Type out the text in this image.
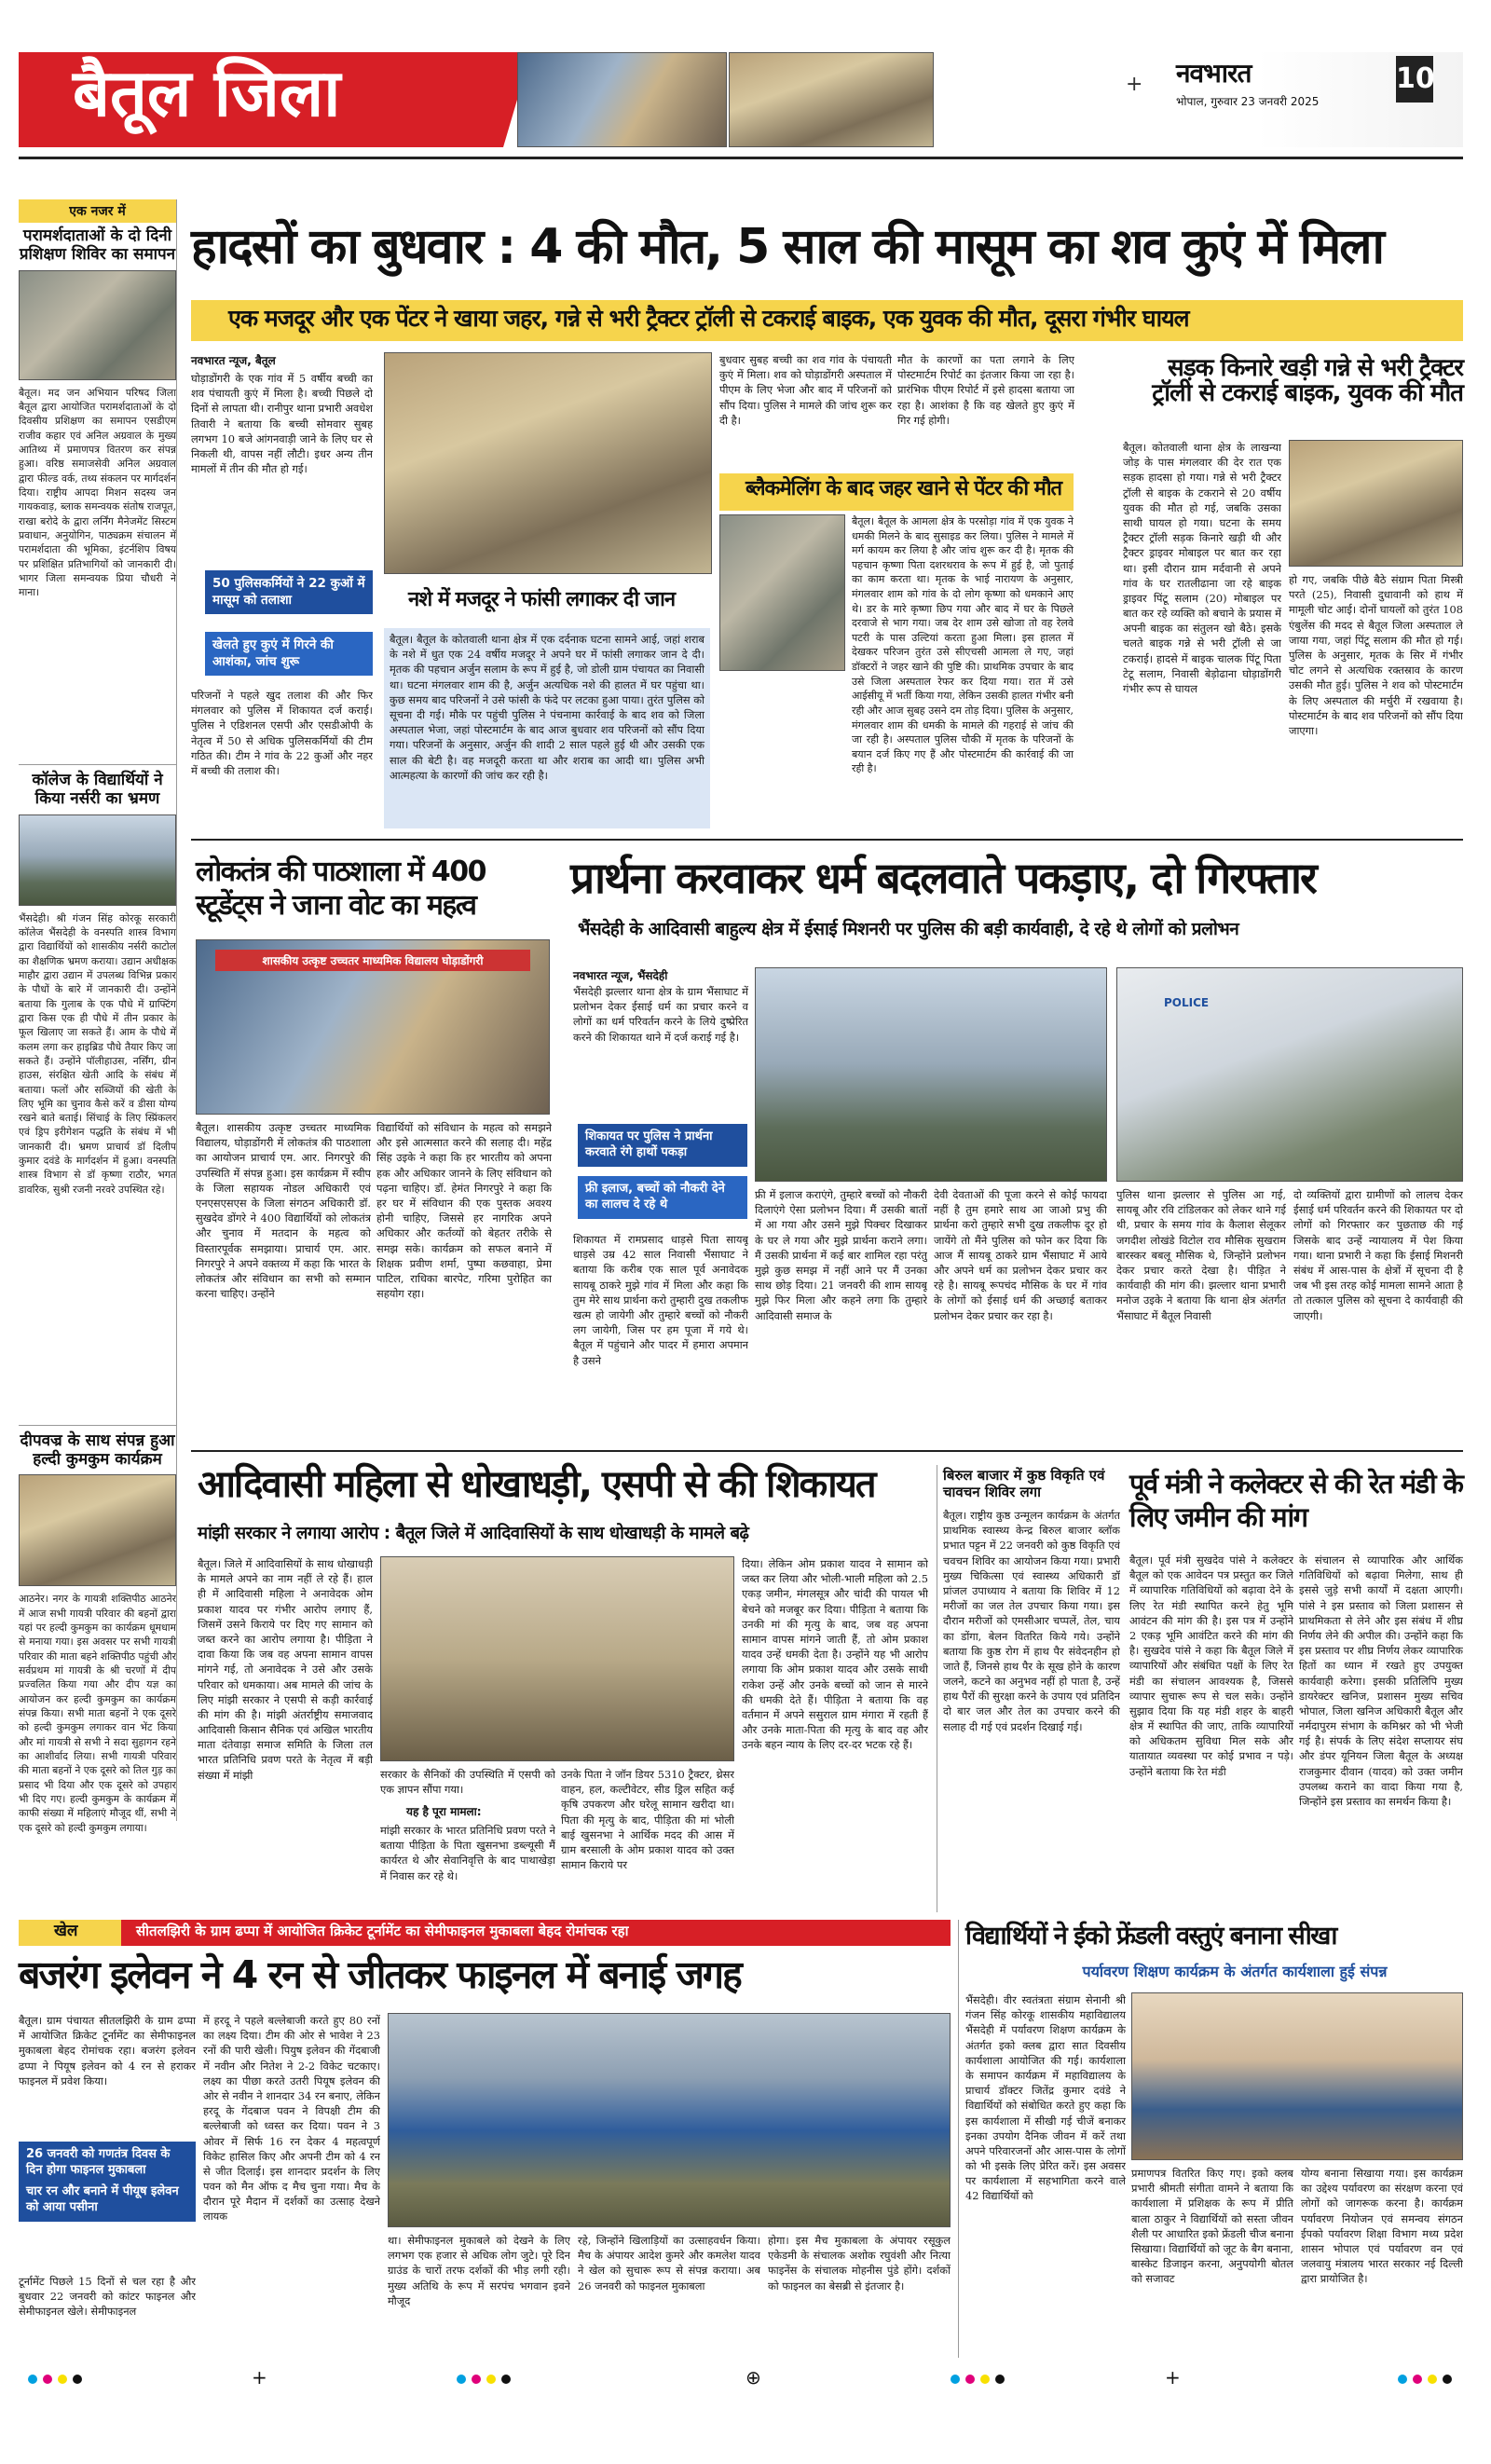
बैतूल जिला	नवभारत
भोपाल, गुरुवार 23 जनवरी 2025
10
+
एक नजर में
परामर्शदाताओं के दो दिनी प्रशिक्षण शिविर का समापन
बैतूल। मद जन अभियान परिषद जिला बैतूल द्वारा आयोजित परामर्शदाताओं के दो दिवसीय प्रशिक्षण का समापन एसडीएम राजीव कहार एवं अनिल अग्रवाल के मुख्य आतिथ्य में प्रमाणपत्र वितरण कर संपन्न हुआ। वरिष्ठ समाजसेवी अनिल अग्रवाल द्वारा फील्ड वर्क, तथ्य संकलन पर मार्गदर्शन दिया। राष्ट्रीय आपदा मिशन सदस्य जन गायकवाड़, ब्लाक समन्वयक संतोष राजपूत, राखा बरोदे के द्वारा लर्निंग मैनेजमेंट सिस्टम प्रवाधान, अनुयोगिन, पाठ्यक्रम संचालन में परामर्शदाता की भूमिका, इंटर्नशिप विषय पर प्रशिक्षित प्रतिभागियों को जानकारी दी। भागर जिला समन्वयक प्रिया चौधरी ने माना।
कॉलेज के विद्यार्थियों ने किया नर्सरी का भ्रमण
भैंसदेही। श्री गंजन सिंह कोरकू सरकारी कॉलेज भैंसदेही के वनस्पति शास्त्र विभाग द्वारा विद्यार्थियों को शासकीय नर्सरी काटोल का शैक्षणिक भ्रमण कराया। उद्यान अधीक्षक माहौर द्वारा उद्यान में उपलब्ध विभिन्न प्रकार के पौधों के बारे में जानकारी दी। उन्होंने बताया कि गुलाब के एक पौधे में ग्राफ्टिंग द्वारा किस एक ही पौधे में तीन प्रकार के फूल खिलाए जा सकते हैं। आम के पौधे में कलम लगा कर हाइब्रिड पौधे तैयार किए जा सकते हैं। उन्होंने पॉलीहाउस, नर्सिंग, ग्रीन हाउस, संरक्षित खेती आदि के संबंध में बताया। फलों और सब्जियों की खेती के लिए भूमि का चुनाव कैसे करें व डीसा योग्य रखने बाते बताई। सिंचाई के लिए स्प्रिंकलर एवं ड्रिप इरीगेशन पद्धति के संबंध में भी जानकारी दी। भ्रमण प्राचार्य डॉ दिलीप कुमार दवंडे के मार्गदर्शन में हुआ। वनस्पति शास्त्र विभाग से डॉ कृष्णा राठौर, भगत डावरिक, सुश्री रजनी नरवरे उपस्थित रहे।
दीपवज्र के साथ संपन्न हुआ हल्दी कुमकुम कार्यक्रम
आठनेर। नगर के गायत्री शक्तिपीठ आठनेर में आज सभी गायत्री परिवार की बहनों द्वारा यहां पर हल्दी कुमकुम का कार्यक्रम धूमधाम से मनाया गया। इस अवसर पर सभी गायत्री परिवार की माता बहने शक्तिपीठ पहुंची और सर्वप्रथम मां गायत्री के श्री चरणों में दीप प्रज्वलित किया गया और दीप यज्ञ का आयोजन कर हल्दी कुमकुम का कार्यक्रम संपन्न किया। सभी माता बहनों ने एक दूसरे को हल्दी कुमकुम लगाकर वान भेंट किया और मां गायत्री से सभी ने सदा सुहागन रहने का आशीर्वाद लिया। सभी गायत्री परिवार की माता बहनों ने एक दूसरे को तिल गुड़ का प्रसाद भी दिया और एक दूसरे को उपहार भी दिए गए। हल्दी कुमकुम के कार्यक्रम में काफी संख्या में महिलाएं मौजूद थीं, सभी ने एक दूसरे को हल्दी कुमकुम लगाया।
हादसों का बुधवार : 4 की मौत, 5 साल की मासूम का शव कुएं में मिला
एक मजदूर और एक पेंटर ने खाया जहर, गन्ने से भरी ट्रैक्टर ट्रॉली से टकराई बाइक, एक युवक की मौत, दूसरा गंभीर घायल
नवभारत न्यूज, बैतूल
घोड़ाडोंगरी के एक गांव में 5 वर्षीय बच्ची का शव पंचायती कुएं में मिला है। बच्ची पिछले दो दिनों से लापता थी। रानीपुर थाना प्रभारी अवधेश तिवारी ने बताया कि बच्ची सोमवार सुबह लगभग 10 बजे आंगनवाड़ी जाने के लिए घर से निकली थी, वापस नहीं लौटी। इधर अन्य तीन मामलों में तीन की मौत हो गई।
50 पुलिसकर्मियों ने 22 कुओं में मासूम को तलाशा
खेलते हुए कुएं में गिरने की आशंका, जांच शुरू
परिजनों ने पहले खुद तलाश की और फिर मंगलवार को पुलिस में शिकायत दर्ज कराई। पुलिस ने एडिशनल एसपी और एसडीओपी के नेतृत्व में 50 से अधिक पुलिसकर्मियों की टीम गठित की। टीम ने गांव के 22 कुओं और नहर में बच्ची की तलाश की।
बुधवार सुबह बच्ची का शव गांव के पंचायती कुएं में मिला। शव को घोड़ाडोंगरी अस्पताल में पीएम के लिए भेजा और बाद में परिजनों को सौंप दिया। पुलिस ने मामले की जांच शुरू कर दी है।
मौत के कारणों का पता लगाने के लिए पोस्टमार्टम रिपोर्ट का इंतजार किया जा रहा है। प्रारंभिक पीएम रिपोर्ट में इसे हादसा बताया जा रहा है। आशंका है कि वह खेलते हुए कुएं में गिर गई होगी।
नशे में मजदूर ने फांसी लगाकर दी जान
बैतूल। बैतूल के कोतवाली थाना क्षेत्र में एक दर्दनाक घटना सामने आई, जहां शराब के नशे में धुत एक 24 वर्षीय मजदूर ने अपने घर में फांसी लगाकर जान दे दी। मृतक की पहचान अर्जुन सलाम के रूप में हुई है, जो डोली ग्राम पंचायत का निवासी था। घटना मंगलवार शाम की है, अर्जुन अत्यधिक नशे की हालत में घर पहुंचा था। कुछ समय बाद परिजनों ने उसे फांसी के फंदे पर लटका हुआ पाया। तुरंत पुलिस को सूचना दी गई। मौके पर पहुंची पुलिस ने पंचनामा कार्रवाई के बाद शव को जिला अस्पताल भेजा, जहां पोस्टमार्टम के बाद आज बुधवार शव परिजनों को सौंप दिया गया। परिजनों के अनुसार, अर्जुन की शादी 2 साल पहले हुई थी और उसकी एक साल की बेटी है। वह मजदूरी करता था और शराब का आदी था। पुलिस अभी आत्महत्या के कारणों की जांच कर रही है।
ब्लैकमेलिंग के बाद जहर खाने से पेंटर की मौत
बैतूल। बैतूल के आमला क्षेत्र के परसोड़ा गांव में एक युवक ने धमकी मिलने के बाद सुसाइड कर लिया। पुलिस ने मामले में मर्ग कायम कर लिया है और जांच शुरू कर दी है। मृतक की पहचान कृष्णा पिता दशरथराव के रूप में हुई है, जो पुताई का काम करता था। मृतक के भाई नारायण के अनुसार, मंगलवार शाम को गांव के दो लोग कृष्णा को धमकाने आए थे। डर के मारे कृष्णा छिप गया और बाद में घर के पिछले दरवाजे से भाग गया। जब देर शाम उसे खोजा तो वह रेलवे पटरी के पास उल्टियां करता हुआ मिला। इस हालत में देखकर परिजन तुरंत उसे सीएचसी आमला ले गए, जहां डॉक्टरों ने जहर खाने की पुष्टि की। प्राथमिक उपचार के बाद उसे जिला अस्पताल रेफर कर दिया गया। रात में उसे आईसीयू में भर्ती किया गया, लेकिन उसकी हालत गंभीर बनी रही और आज सुबह उसने दम तोड़ दिया। पुलिस के अनुसार, मंगलवार शाम की धमकी के मामले की गहराई से जांच की जा रही है। अस्पताल पुलिस चौकी में मृतक के परिजनों के बयान दर्ज किए गए हैं और पोस्टमार्टम की कार्रवाई की जा रही है।
सड़क किनारे खड़ी गन्ने से भरी ट्रैक्टर ट्रॉली से टकराई बाइक, युवक की मौत
बैतूल। कोतवाली थाना क्षेत्र के लाखन्या जोड़ के पास मंगलवार की देर रात एक सड़क हादसा हो गया। गन्ने से भरी ट्रैक्टर ट्रॉली से बाइक के टकराने से 20 वर्षीय युवक की मौत हो गई, जबकि उसका साथी घायल हो गया। घटना के समय ट्रैक्टर ट्रॉली सड़क किनारे खड़ी थी और ट्रैक्टर ड्राइवर मोबाइल पर बात कर रहा था। इसी दौरान ग्राम मर्दवानी से अपने गांव के घर रातलीढाना जा रहे बाइक ड्राइवर पिंटू सलाम (20) मोबाइल पर बात कर रहे व्यक्ति को बचाने के प्रयास में अपनी बाइक का संतुलन खो बैठे। इसके चलते बाइक गन्ने से भरी ट्रॉली से जा टकराई। हादसे में बाइक चालक पिंटू पिता टेटू सलाम, निवासी बेड़ोढाना घोड़ाडोंगरी गंभीर रूप से घायल
हो गए, जबकि पीछे बैठे संग्राम पिता मिस्त्री परते (25), निवासी दुधावानी को हाथ में मामूली चोट आई। दोनों घायलों को तुरंत 108 एंबुलेंस की मदद से बैतूल जिला अस्पताल ले जाया गया, जहां पिंटू सलाम की मौत हो गई। पुलिस के अनुसार, मृतक के सिर में गंभीर चोट लगने से अत्यधिक रक्तस्राव के कारण उसकी मौत हुई। पुलिस ने शव को पोस्टमार्टम के लिए अस्पताल की मर्चुरी में रखवाया है। पोस्टमार्टम के बाद शव परिजनों को सौंप दिया जाएगा।
लोकतंत्र की पाठशाला में 400 स्टूडेंट्स ने जाना वोट का महत्व
शासकीय उत्कृष्ट उच्चतर माध्यमिक विद्यालय घोड़ाडोंगरी
बैतूल। शासकीय उत्कृष्ट उच्चतर माध्यमिक विद्यालय, घोड़ाडोंगरी में लोकतंत्र की पाठशाला का आयोजन प्राचार्य एम. आर. निगरपुरे की उपस्थिति में संपन्न हुआ। इस कार्यक्रम में स्वीप के जिला सहायक नोडल अधिकारी एवं एनएसएसएस के जिला संगठन अधिकारी डॉ. सुखदेव डोंगरे ने 400 विद्यार्थियों को लोकतंत्र और चुनाव में मतदान के महत्व को विस्तारपूर्वक समझाया। प्राचार्य एम. आर. निगरपुरे ने अपने वक्तव्य में कहा कि भारत के लोकतंत्र और संविधान का सभी को सम्मान करना चाहिए। उन्होंने
विद्यार्थियों को संविधान के महत्व को समझने और इसे आत्मसात करने की सलाह दी। महेंद्र सिंह उइके ने कहा कि हर भारतीय को अपना हक और अधिकार जानने के लिए संविधान को पढ़ना चाहिए। डॉ. हेमंत निगरपुरे ने कहा कि हर घर में संविधान की एक पुस्तक अवश्य होनी चाहिए, जिससे हर नागरिक अपने अधिकार और कर्तव्यों को बेहतर तरीके से समझ सके। कार्यक्रम को सफल बनाने में शिक्षक प्रवीण शर्मा, पुष्पा कछवाहा, प्रेमा पाटिल, राधिका बारपेट, गरिमा पुरोहित का सहयोग रहा।
प्रार्थना करवाकर धर्म बदलवाते पकड़ाए, दो गिरफ्तार
भैंसदेही के आदिवासी बाहुल्य क्षेत्र में ईसाई मिशनरी पर पुलिस की बड़ी कार्यवाही, दे रहे थे लोगों को प्रलोभन
नवभारत न्यूज, भैंसदेही
भैंसदेही झल्लार थाना क्षेत्र के ग्राम भैंसाघाट में प्रलोभन देकर ईसाई धर्म का प्रचार करने व लोगों का धर्म परिवर्तन करने के लिये दुष्प्रेरित करने की शिकायत थाने में दर्ज कराई गई है।
शिकायत पर पुलिस ने प्रार्थना करवाते रंगे हाथों पकड़ा
फ्री इलाज, बच्चों को नौकरी देने का लालच दे रहे थे
शिकायत में रामप्रसाद धाड़से पिता सायबू धाड़से उम्र 42 साल निवासी भैंसाघाट ने बताया कि करीब एक साल पूर्व अनावेदक सायबू ठाकरे मुझे गांव में मिला और कहा कि तुम मेरे साथ प्रार्थना करो तुम्हारी दुख तकलीफ खत्म हो जायेगी और तुम्हारे बच्चों को नौकरी लग जायेगी, जिस पर हम पूजा में गये थे। बैतूल में पहुंचाने और पादर में हमारा अपमान है उसने
फ्री में इलाज कराएंगे, तुम्हारे बच्चों को नौकरी दिलाएंगे ऐसा प्रलोभन दिया। मैं उसकी बातों में आ गया और उसने मुझे पिक्चर दिखाकर के घर ले गया और मुझे प्रार्थना कराने लगा। मैं उसकी प्रार्थना में कई बार शामिल रहा परंतु मुझे कुछ समझ में नहीं आने पर मैं उनका साथ छोड़ दिया। 21 जनवरी की शाम सायबू मुझे फिर मिला और कहने लगा कि तुम्हारे आदिवासी समाज के
देवी देवताओं की पूजा करने से कोई फायदा नहीं है तुम हमारे साथ आ जाओ प्रभु की प्रार्थना करो तुम्हारे सभी दुख तकलीफ दूर हो जायेंगे तो मैंने पुलिस को फोन कर दिया कि आज मैं सायबू ठाकरे ग्राम भैंसाघाट में आये और अपने धर्म का प्रलोभन देकर प्रचार कर रहे है। सायबू रूपचंद मौसिक के घर में गांव के लोगों को ईसाई धर्म की अच्छाई बताकर प्रलोभन देकर प्रचार कर रहा है।
POLICE
पुलिस थाना झल्लार से पुलिस आ गई, सायबू और रवि टांडिलकर को लेकर थाने गई थी, प्रचार के समय गांव के कैलाश सेलूकर जगदीश लोखंडे विटोल राव मौसिक सुखराम बारस्कर बबलू मौसिक थे, जिन्होंने प्रलोभन देकर प्रचार करते देखा है। पीड़ित ने कार्यवाही की मांग की। झल्लार थाना प्रभारी मनोज उइके ने बताया कि थाना क्षेत्र अंतर्गत भैंसाघाट में बैतूल निवासी
दो व्यक्तियों द्वारा ग्रामीणों को लालच देकर ईसाई धर्म परिवर्तन करने की शिकायत पर दो लोगों को गिरफ्तार कर पुछताछ की गई जिसके बाद उन्हें न्यायालय में पेश किया गया। थाना प्रभारी ने कहा कि ईसाई मिशनरी संबंध में आस-पास के क्षेत्रों में सूचना दी है जब भी इस तरह कोई मामला सामने आता है तो तत्काल पुलिस को सूचना दे कार्यवाही की जाएगी।
आदिवासी महिला से धोखाधड़ी, एसपी से की शिकायत
मांझी सरकार ने लगाया आरोप : बैतूल जिले में आदिवासियों के साथ धोखाधड़ी के मामले बढ़े
बैतूल। जिले में आदिवासियों के साथ धोखाधड़ी के मामले अपने का नाम नहीं ले रहे हैं। हाल ही में आदिवासी महिला ने अनावेदक ओम प्रकाश यादव पर गंभीर आरोप लगाए हैं, जिसमें उसने किराये पर दिए गए सामान को जब्त करने का आरोप लगाया है। पीड़िता ने दावा किया कि जब वह अपना सामान वापस मांगने गई, तो अनावेदक ने उसे और उसके परिवार को धमकाया। अब मामले की जांच के लिए मांझी सरकार ने एसपी से कड़ी कार्रवाई की मांग की है। मांझी अंतर्राष्ट्रीय समाजवाद आदिवासी किसान सैनिक एवं अखिल भारतीय माता दंतेवाड़ा समाज समिति के जिला तल भारत प्रतिनिधि प्रवण परते के नेतृत्व में बड़ी संख्या में मांझी	सरकार के सैनिकों की उपस्थिति में एसपी को एक ज्ञापन सौंपा गया।
यह है पूरा मामला:
मांझी सरकार के भारत प्रतिनिधि प्रवण परते ने बताया पीड़िता के पिता खुसनभा डब्ल्यूसी मैं कार्यरत थे और सेवानिवृत्ति के बाद पाथाखेड़ा में निवास कर रहे थे।
उनके पिता ने जॉन डियर 5310 ट्रैक्टर, थ्रेसर वाहन, हल, कल्टीवेटर, सीड ड्रिल सहित कई कृषि उपकरण और घरेलू सामान खरीदा था। पिता की मृत्यु के बाद, पीड़िता की मां भोली बाई खुसनभा ने आर्थिक मदद की आस में ग्राम बरसाली के ओम प्रकाश यादव को उक्त सामान किराये पर
दिया। लेकिन ओम प्रकाश यादव ने सामान को जब्त कर लिया और भोली-भाली महिला को 2.5 एकड़ जमीन, मंगलसूत्र और चांदी की पायल भी बेचने को मजबूर कर दिया। पीड़िता ने बताया कि उनकी मां की मृत्यु के बाद, जब वह अपना सामान वापस मांगने जाती हैं, तो ओम प्रकाश यादव उन्हें धमकी देता है। उन्होंने यह भी आरोप लगाया कि ओम प्रकाश यादव और उसके साथी राकेश उन्हें और उनके बच्चों को जान से मारने की धमकी देते हैं। पीड़िता ने बताया कि वह वर्तमान में अपने ससुराल ग्राम मंगारा में रहती हैं और उनके माता-पिता की मृत्यु के बाद वह और उनके बहन न्याय के लिए दर-दर भटक रहे हैं।
बिरुल बाजार में कुष्ठ विकृति एवं चावचन शिविर लगा
बैतूल। राष्ट्रीय कुष्ठ उन्मूलन कार्यक्रम के अंतर्गत प्राथमिक स्वास्थ्य केन्द्र बिरुल बाजार ब्लॉक प्रभात पट्टन में 22 जनवरी को कुष्ठ विकृति एवं चवचन शिविर का आयोजन किया गया। प्रभारी मुख्य चिकित्सा एवं स्वास्थ्य अधिकारी डॉ प्रांजल उपाध्याय ने बताया कि शिविर में 12 मरीजों का जल तेल उपचार किया गया। इस दौरान मरीजों को एमसीआर चप्पलें, तेल, चाय का डोंगा, बेलन वितरित किये गये। उन्होंने बताया कि कुष्ठ रोग में हाथ पैर संवेदनहीन हो जाते हैं, जिनसे हाथ पैर के सूख होने के कारण जलने, कटने का अनुभव नहीं हो पाता है, उन्हें हाथ पैरों की सुरक्षा करने के उपाय एवं प्रतिदिन दो बार जल और तेल का उपचार करने की सलाह दी गई एवं प्रदर्शन दिखाई गई।
पूर्व मंत्री ने कलेक्टर से की रेत मंडी के लिए जमीन की मांग
बैतूल। पूर्व मंत्री सुखदेव पांसे ने कलेक्टर बैतूल को एक आवेदन पत्र प्रस्तुत कर जिले में व्यापारिक गतिविधियों को बढ़ावा देने के लिए रेत मंडी स्थापित करने हेतु भूमि आवंटन की मांग की है। इस पत्र में उन्होंने 2 एकड़ भूमि आवंटित करने की मांग की है। सुखदेव पांसे ने कहा कि बैतूल जिले में व्यापारियों और संबंधित पक्षों के लिए रेत मंडी का संचालन आवश्यक है, जिससे व्यापार सुचारू रूप से चल सके। उन्होंने सुझाव दिया कि यह मंडी शहर के बाहरी क्षेत्र में स्थापित की जाए, ताकि व्यापारियों को अधिकतम सुविधा मिल सके और यातायात व्यवस्था पर कोई प्रभाव न पड़े। उन्होंने बताया कि रेत मंडी
के संचालन से व्यापारिक और आर्थिक गतिविधियों को बढ़ावा मिलेगा, साथ ही इससे जुड़े सभी कार्यों में दक्षता आएगी। पांसे ने इस प्रस्ताव को जिला प्रशासन से प्राथमिकता से लेने और इस संबंध में शीघ्र निर्णय लेने की अपील की। उन्होंने कहा कि इस प्रस्ताव पर शीघ्र निर्णय लेकर व्यापारिक हितों का ध्यान में रखते हुए उपयुक्त कार्यवाही करेगा। इसकी प्रतिलिपि मुख्य डायरेक्टर खनिज, प्रशासन मुख्य सचिव भोपाल, जिला खनिज अधिकारी बैतूल और नर्मदापुरम संभाग के कमिश्नर को भी भेजी गई है। संपर्क के लिए संदेश सप्लायर संघ और डंपर यूनियन जिला बैतूल के अध्यक्ष राजकुमार दीवान (यादव) को उक्त जमीन उपलब्ध कराने का वादा किया गया है, जिन्होंने इस प्रस्ताव का समर्थन किया है।
खेल	सीतलझिरी के ग्राम ढप्पा में आयोजित क्रिकेट टूर्नामेंट का सेमीफाइनल मुकाबला बेहद रोमांचक रहा
बजरंग इलेवन ने 4 रन से जीतकर फाइनल में बनाई जगह
बैतूल। ग्राम पंचायत सीतलझिरी के ग्राम ढप्पा में आयोजित क्रिकेट टूर्नामेंट का सेमीफाइनल मुकाबला बेहद रोमांचक रहा। बजरंग इलेवन ढप्पा ने पियूष इलेवन को 4 रन से हराकर फाइनल में प्रवेश किया।
26 जनवरी को गणतंत्र दिवस के दिन होगा फाइनल मुकाबला
चार रन और बनाने में पीयूष इलेवन को आया पसीना
टूर्नामेंट पिछले 15 दिनों से चल रहा है और बुधवार 22 जनवरी को कांटर फाइनल और सेमीफाइनल खेले। सेमीफाइनल
में हरदू ने पहले बल्लेबाजी करते हुए 80 रनों का लक्ष्य दिया। टीम की ओर से भावेश ने 23 रनों की पारी खेली। पियुष इलेवन की गेंदबाजी में नवीन और नितेश ने 2-2 विकेट चटकाए। लक्ष्य का पीछा करते उतरी पियूष इलेवन की ओर से नवीन ने शानदार 34 रन बनाए, लेकिन हरदू के गेंदबाज पवन ने विपक्षी टीम की बल्लेबाजी को ध्वस्त कर दिया। पवन ने 3 ओवर में सिर्फ 16 रन देकर 4 महत्वपूर्ण विकेट हासिल किए और अपनी टीम को 4 रन से जीत दिलाई। इस शानदार प्रदर्शन के लिए पवन को मैन ऑफ द मैच चुना गया। मैच के दौरान पूरे मैदान में दर्शकों का उत्साह देखने लायक
था। सेमीफाइनल मुकाबले को देखने के लिए लगभग एक हजार से अधिक लोग जुटे। पूरे दिन ग्राउंड के चारों तरफ दर्शकों की भीड़ लगी रही। मुख्य अतिथि के रूप में सरपंच भगवान इवने मौजूद
रहे, जिन्होंने खिलाड़ियों का उत्साहवर्धन किया। मैच के अंपायर आदेश कुमरे और कमलेश यादव ने खेल को सुचारू रूप से संपन्न कराया। अब 26 जनवरी को फाइनल मुकाबला
होगा। इस मैच मुकाबला के अंपायर रसूकुल एकेडमी के संचालक अशोक रघुवंशी और नित्या फाइनेंस के संचालक मोहनीस पुंडे होंगे। दर्शकों को फाइनल का बेसब्री से इंतजार है।
विद्यार्थियों ने ईको फ्रेंडली वस्तुएं बनाना सीखा
पर्यावरण शिक्षण कार्यक्रम के अंतर्गत कार्यशाला हुई संपन्न
भैंसदेही। वीर स्वतंत्रता संग्राम सेनानी श्री गंजन सिंह कोरकू शासकीय महाविद्यालय भैंसदेही में पर्यावरण शिक्षण कार्यक्रम के अंतर्गत इको क्लब द्वारा सात दिवसीय कार्यशाला आयोजित की गई। कार्यशाला के समापन कार्यक्रम में महाविद्यालय के प्राचार्य डॉक्टर जितेंद्र कुमार दवंडे ने विद्यार्थियों को संबोधित करते हुए कहा कि इस कार्यशाला में सीखी गई चीजें बनाकर इनका उपयोग दैनिक जीवन में करें तथा अपने परिवारजनों और आस-पास के लोगों को भी इसके लिए प्रेरित करें। इस अवसर पर कार्यशाला में सहभागिता करने वाले 42 विद्यार्थियों को
प्रमाणपत्र वितरित किए गए। इको क्लब प्रभारी श्रीमती संगीता वामने ने बताया कि कार्यशाला में प्रशिक्षक के रूप में प्रीति बाला ठाकुर ने विद्यार्थियों को सस्ता जीवन शैली पर आधारित इको फ्रेंडली चीज बनाना सिखाया। विद्यार्थियों को जूट के बैग बनाना, बास्केट डिजाइन करना, अनुपयोगी बोतल को सजावट
योग्य बनाना सिखाया गया। इस कार्यक्रम का उद्देश्य पर्यावरण का संरक्षण करना एवं लोगों को जागरूक करना है। कार्यक्रम पर्यावरण नियोजन एवं समन्वय संगठन ईपको पर्यावरण शिक्षा विभाग मध्य प्रदेश शासन भोपाल एवं पर्यावरण वन एवं जलवायु मंत्रालय भारत सरकार नई दिल्ली द्वारा प्रायोजित है।
+	⊕	+
